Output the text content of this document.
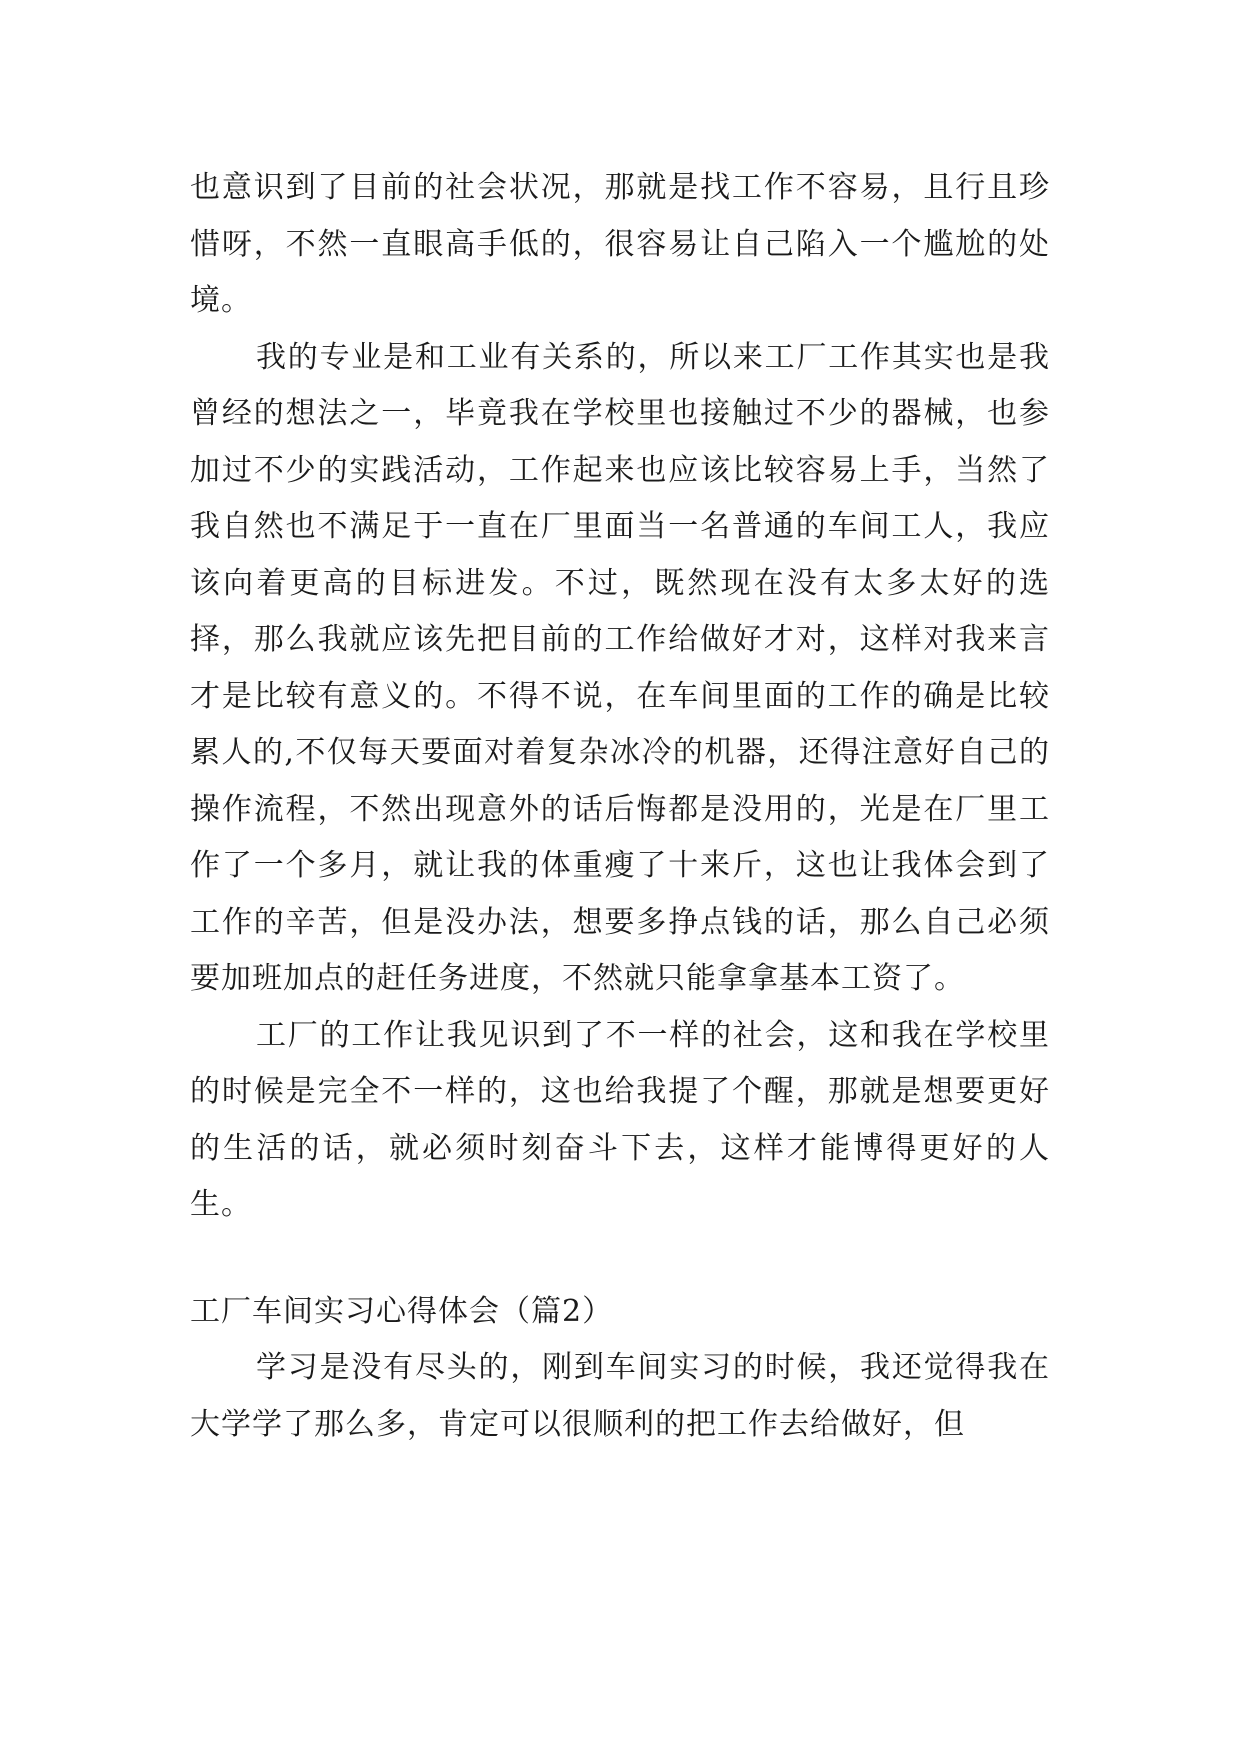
也意识到了目前的社会状况，那就是找工作不容易，且行且珍惜呀，不然一直眼高手低的，很容易让自己陷入一个尴尬的处境。

我的专业是和工业有关系的，所以来工厂工作其实也是我曾经的想法之一，毕竟我在学校里也接触过不少的器械，也参加过不少的实践活动，工作起来也应该比较容易上手，当然了我自然也不满足于一直在厂里面当一名普通的车间工人，我应该向着更高的目标进发。不过，既然现在没有太多太好的选择，那么我就应该先把目前的工作给做好才对，这样对我来言才是比较有意义的。不得不说，在车间里面的工作的确是比较累人的,不仅每天要面对着复杂冰冷的机器，还得注意好自己的操作流程，不然出现意外的话后悔都是没用的，光是在厂里工作了一个多月，就让我的体重瘦了十来斤，这也让我体会到了工作的辛苦，但是没办法，想要多挣点钱的话，那么自己必须要加班加点的赶任务进度，不然就只能拿拿基本工资了。

工厂的工作让我见识到了不一样的社会，这和我在学校里的时候是完全不一样的，这也给我提了个醒，那就是想要更好的生活的话，就必须时刻奋斗下去，这样才能博得更好的人生。

工厂车间实习心得体会（篇2）

学习是没有尽头的，刚到车间实习的时候，我还觉得我在大学学了那么多，肯定可以很顺利的把工作去给做好，但
